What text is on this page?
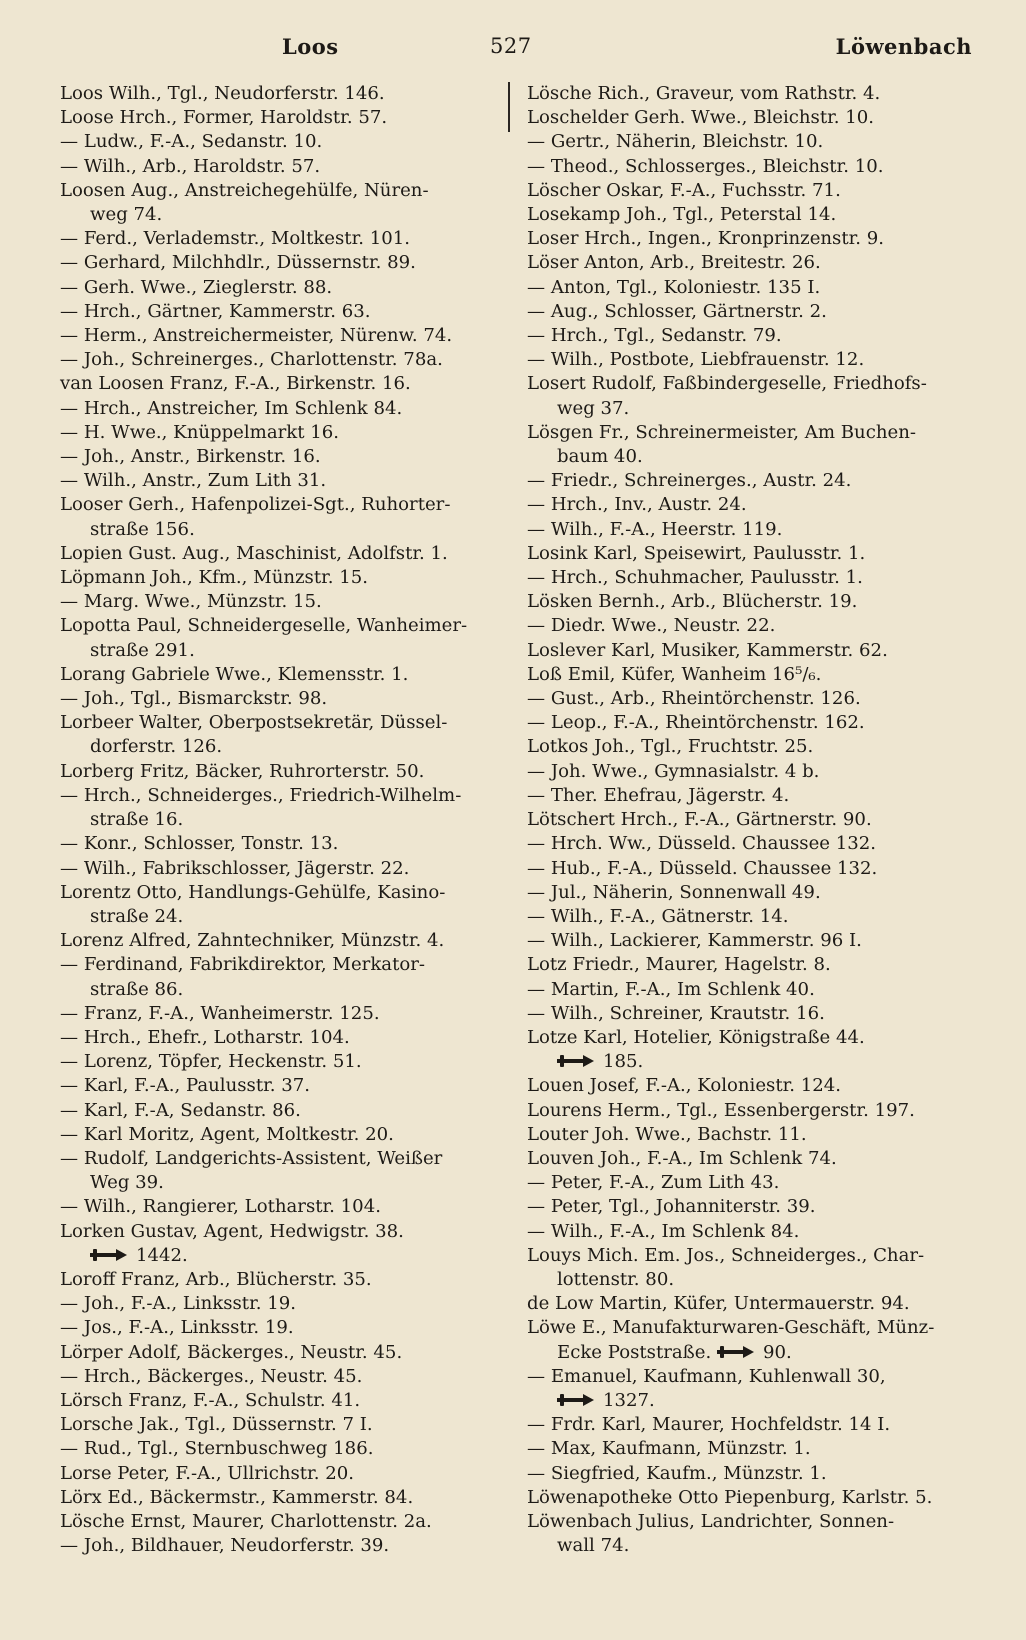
Loos	527	Löwenbach
Loos Wilh., Tgl., Neudorferstr. 146.
Loose Hrch., Former, Haroldstr. 57.
— Ludw., F.-A., Sedanstr. 10.
— Wilh., Arb., Haroldstr. 57.
Loosen Aug., Anstreichegehülfe, Nüren-
weg 74.
— Ferd., Verlademstr., Moltkestr. 101.
— Gerhard, Milchhdlr., Düssernstr. 89.
— Gerh. Wwe., Zieglerstr. 88.
— Hrch., Gärtner, Kammerstr. 63.
— Herm., Anstreichermeister, Nürenw. 74.
— Joh., Schreinerges., Charlottenstr. 78a.
van Loosen Franz, F.-A., Birkenstr. 16.
— Hrch., Anstreicher, Im Schlenk 84.
— H. Wwe., Knüppelmarkt 16.
— Joh., Anstr., Birkenstr. 16.
— Wilh., Anstr., Zum Lith 31.
Looser Gerh., Hafenpolizei-Sgt., Ruhorter-
straße 156.
Lopien Gust. Aug., Maschinist, Adolfstr. 1.
Löpmann Joh., Kfm., Münzstr. 15.
— Marg. Wwe., Münzstr. 15.
Lopotta Paul, Schneidergeselle, Wanheimer-
straße 291.
Lorang Gabriele Wwe., Klemensstr. 1.
— Joh., Tgl., Bismarckstr. 98.
Lorbeer Walter, Oberpostsekretär, Düssel-
dorferstr. 126.
Lorberg Fritz, Bäcker, Ruhrorterstr. 50.
— Hrch., Schneiderges., Friedrich-Wilhelm-
straße 16.
— Konr., Schlosser, Tonstr. 13.
— Wilh., Fabrikschlosser, Jägerstr. 22.
Lorentz Otto, Handlungs-Gehülfe, Kasino-
straße 24.
Lorenz Alfred, Zahntechniker, Münzstr. 4.
— Ferdinand, Fabrikdirektor, Merkator-
straße 86.
— Franz, F.-A., Wanheimerstr. 125.
— Hrch., Ehefr., Lotharstr. 104.
— Lorenz, Töpfer, Heckenstr. 51.
— Karl, F.-A., Paulusstr. 37.
— Karl, F.-A, Sedanstr. 86.
— Karl Moritz, Agent, Moltkestr. 20.
— Rudolf, Landgerichts-Assistent, Weißer
Weg 39.
— Wilh., Rangierer, Lotharstr. 104.
Lorken Gustav, Agent, Hedwigstr. 38.
1442.
Loroff Franz, Arb., Blücherstr. 35.
— Joh., F.-A., Linksstr. 19.
— Jos., F.-A., Linksstr. 19.
Lörper Adolf, Bäckerges., Neustr. 45.
— Hrch., Bäckerges., Neustr. 45.
Lörsch Franz, F.-A., Schulstr. 41.
Lorsche Jak., Tgl., Düssernstr. 7 I.
— Rud., Tgl., Sternbuschweg 186.
Lorse Peter, F.-A., Ullrichstr. 20.
Lörx Ed., Bäckermstr., Kammerstr. 84.
Lösche Ernst, Maurer, Charlottenstr. 2a.
— Joh., Bildhauer, Neudorferstr. 39.
Lösche Rich., Graveur, vom Rathstr. 4.
Loschelder Gerh. Wwe., Bleichstr. 10.
— Gertr., Näherin, Bleichstr. 10.
— Theod., Schlosserges., Bleichstr. 10.
Löscher Oskar, F.-A., Fuchsstr. 71.
Losekamp Joh., Tgl., Peterstal 14.
Loser Hrch., Ingen., Kronprinzenstr. 9.
Löser Anton, Arb., Breitestr. 26.
— Anton, Tgl., Koloniestr. 135 I.
— Aug., Schlosser, Gärtnerstr. 2.
— Hrch., Tgl., Sedanstr. 79.
— Wilh., Postbote, Liebfrauenstr. 12.
Losert Rudolf, Faßbindergeselle, Friedhofs-
weg 37.
Lösgen Fr., Schreinermeister, Am Buchen-
baum 40.
— Friedr., Schreinerges., Austr. 24.
— Hrch., Inv., Austr. 24.
— Wilh., F.-A., Heerstr. 119.
Losink Karl, Speisewirt, Paulusstr. 1.
— Hrch., Schuhmacher, Paulusstr. 1.
Lösken Bernh., Arb., Blücherstr. 19.
— Diedr. Wwe., Neustr. 22.
Loslever Karl, Musiker, Kammerstr. 62.
Loß Emil, Küfer, Wanheim 16⁵/₆.
— Gust., Arb., Rheintörchenstr. 126.
— Leop., F.-A., Rheintörchenstr. 162.
Lotkos Joh., Tgl., Fruchtstr. 25.
— Joh. Wwe., Gymnasialstr. 4 b.
— Ther. Ehefrau, Jägerstr. 4.
Lötschert Hrch., F.-A., Gärtnerstr. 90.
— Hrch. Ww., Düsseld. Chaussee 132.
— Hub., F.-A., Düsseld. Chaussee 132.
— Jul., Näherin, Sonnenwall 49.
— Wilh., F.-A., Gätnerstr. 14.
— Wilh., Lackierer, Kammerstr. 96 I.
Lotz Friedr., Maurer, Hagelstr. 8.
— Martin, F.-A., Im Schlenk 40.
— Wilh., Schreiner, Krautstr. 16.
Lotze Karl, Hotelier, Königstraße 44.
185.
Louen Josef, F.-A., Koloniestr. 124.
Lourens Herm., Tgl., Essenbergerstr. 197.
Louter Joh. Wwe., Bachstr. 11.
Louven Joh., F.-A., Im Schlenk 74.
— Peter, F.-A., Zum Lith 43.
— Peter, Tgl., Johanniterstr. 39.
— Wilh., F.-A., Im Schlenk 84.
Louys Mich. Em. Jos., Schneiderges., Char-
lottenstr. 80.
de Low Martin, Küfer, Untermauerstr. 94.
Löwe E., Manufakturwaren-Geschäft, Münz-
Ecke Poststraße.	90.
— Emanuel, Kaufmann, Kuhlenwall 30,
1327.
— Frdr. Karl, Maurer, Hochfeldstr. 14 I.
— Max, Kaufmann, Münzstr. 1.
— Siegfried, Kaufm., Münzstr. 1.
Löwenapotheke Otto Piepenburg, Karlstr. 5.
Löwenbach Julius, Landrichter, Sonnen-
wall 74.
